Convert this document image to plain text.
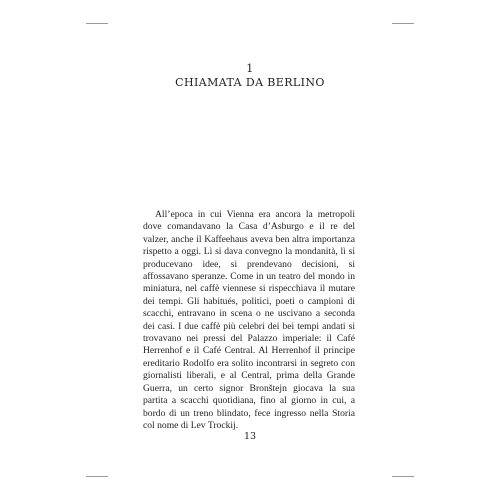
1
CHIAMATA DA BERLINO

All’epoca in cui Vienna era ancora la metropoli dove comandavano la Casa d’Asburgo e il re del valzer, anche il Kaffeehaus aveva ben altra importanza rispetto a oggi. Lì si dava convegno la mondanità, lì si producevano idee, si prendevano decisioni, si affossavano speranze. Come in un teatro del mondo in miniatura, nel caffè viennese si rispecchiava il mutare dei tempi. Gli habitués, politici, poeti o campioni di scacchi, entravano in scena o ne uscivano a seconda dei casi. I due caffè più celebri dei bei tempi andati si trovavano nei pressi del Palazzo imperiale: il Café Herrenhof e il Café Central. Al Herrenhof il principe ereditario Rodolfo era solito incontrarsi in segreto con giornalisti liberali, e al Central, prima della Grande Guerra, un certo signor Bronštejn giocava la sua partita a scacchi quotidiana, fino al giorno in cui, a bordo di un treno blindato, fece ingresso nella Storia col nome di Lev Trockij.

13
